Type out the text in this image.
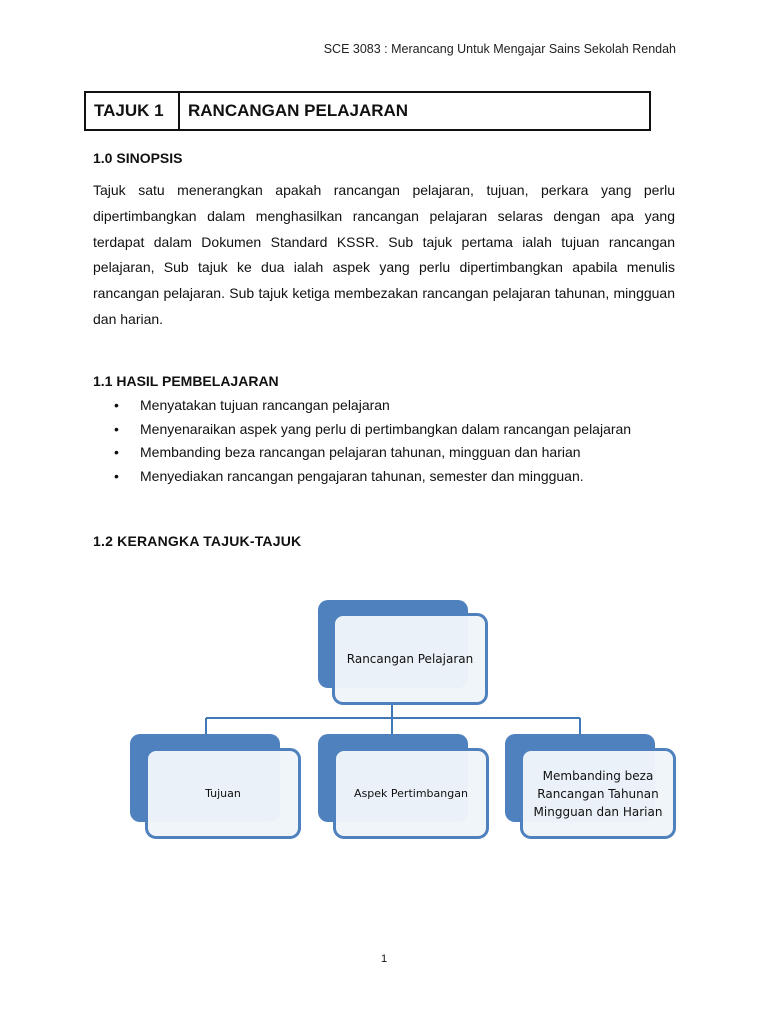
SCE 3083 : Merancang Untuk Mengajar Sains Sekolah Rendah
TAJUK 1	RANCANGAN PELAJARAN
1.0 SINOPSIS

Tajuk satu menerangkan apakah rancangan pelajaran, tujuan, perkara yang perlu dipertimbangkan dalam menghasilkan rancangan pelajaran selaras dengan apa yang terdapat dalam Dokumen Standard KSSR. Sub tajuk pertama ialah tujuan rancangan pelajaran, Sub tajuk ke dua ialah aspek yang perlu dipertimbangkan apabila menulis rancangan pelajaran. Sub tajuk ketiga membezakan rancangan pelajaran tahunan, mingguan dan harian.

1.1 HASIL PEMBELAJARAN
• Menyatakan tujuan rancangan pelajaran
• Menyenaraikan aspek yang perlu di pertimbangkan dalam rancangan pelajaran
• Membanding beza rancangan pelajaran tahunan, mingguan dan harian
• Menyediakan rancangan pengajaran tahunan, semester dan mingguan.
1.2 KERANGKA TAJUK-TAJUK
Rancangan Pelajaran
Tujuan	Aspek Pertimbangan
Membanding beza Rancangan Tahunan Mingguan dan Harian
1
